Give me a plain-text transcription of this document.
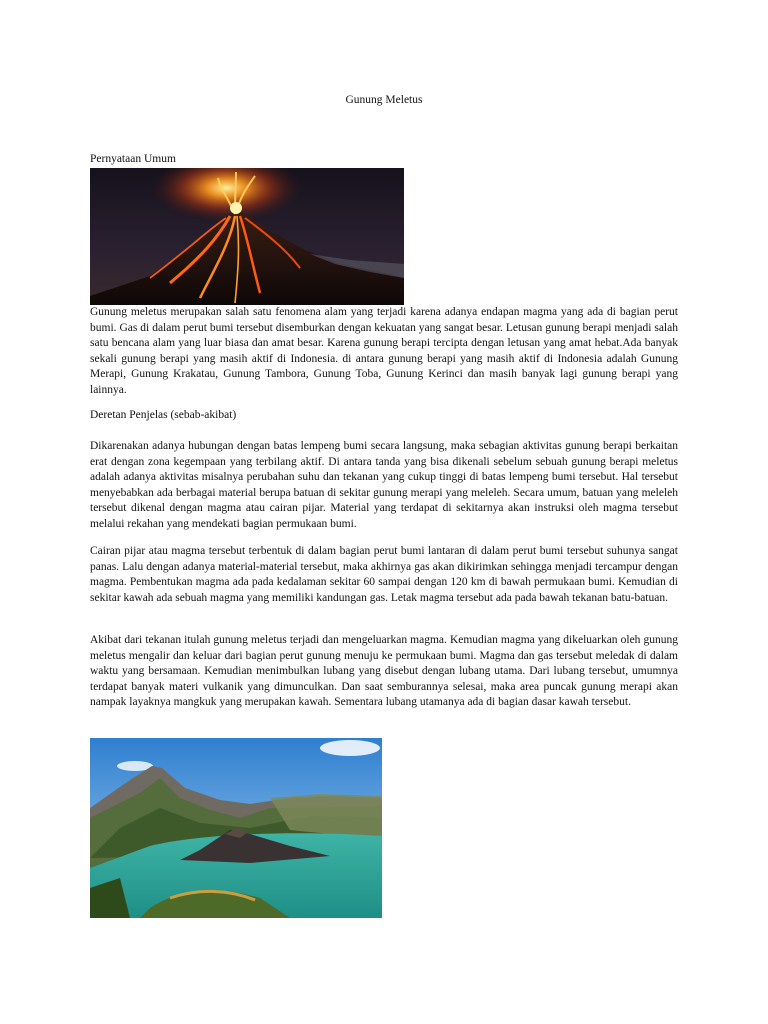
Gunung Meletus
Pernyataan Umum

Gunung meletus merupakan salah satu fenomena alam yang terjadi karena adanya endapan magma yang ada di bagian perut bumi. Gas di dalam perut bumi tersebut disemburkan dengan kekuatan yang sangat besar. Letusan gunung berapi menjadi salah satu bencana alam yang luar biasa dan amat besar. Karena gunung berapi tercipta dengan letusan yang amat hebat.Ada banyak sekali gunung berapi yang masih aktif di Indonesia. di antara gunung berapi yang masih aktif di Indonesia adalah Gunung Merapi, Gunung Krakatau, Gunung Tambora, Gunung Toba, Gunung Kerinci dan masih banyak lagi gunung berapi yang lainnya.

Deretan Penjelas (sebab-akibat)

Dikarenakan adanya hubungan dengan batas lempeng bumi secara langsung, maka sebagian aktivitas gunung berapi berkaitan erat dengan zona kegempaan yang terbilang aktif. Di antara tanda yang bisa dikenali sebelum sebuah gunung berapi meletus adalah adanya aktivitas misalnya perubahan suhu dan tekanan yang cukup tinggi di batas lempeng bumi tersebut. Hal tersebut menyebabkan ada berbagai material berupa batuan di sekitar gunung merapi yang meleleh. Secara umum, batuan yang meleleh tersebut dikenal dengan magma atau cairan pijar. Material yang terdapat di sekitarnya akan instruksi oleh magma tersebut melalui rekahan yang mendekati bagian permukaan bumi.

Cairan pijar atau magma tersebut terbentuk di dalam bagian perut bumi lantaran di dalam perut bumi tersebut suhunya sangat panas. Lalu dengan adanya material-material tersebut, maka akhirnya gas akan dikirimkan sehingga menjadi tercampur dengan magma. Pembentukan magma ada pada kedalaman sekitar 60 sampai dengan 120 km di bawah permukaan bumi. Kemudian di sekitar kawah ada sebuah magma yang memiliki kandungan gas. Letak magma tersebut ada pada bawah tekanan batu-batuan.

Akibat dari tekanan itulah gunung meletus terjadi dan mengeluarkan magma. Kemudian magma yang dikeluarkan oleh gunung meletus mengalir dan keluar dari bagian perut gunung menuju ke permukaan bumi. Magma dan gas tersebut meledak di dalam waktu yang bersamaan. Kemudian menimbulkan lubang yang disebut dengan lubang utama. Dari lubang tersebut, umumnya terdapat banyak materi vulkanik yang dimunculkan. Dan saat semburannya selesai, maka area puncak gunung merapi akan nampak layaknya mangkuk yang merupakan kawah. Sementara lubang utamanya ada di bagian dasar kawah tersebut.
